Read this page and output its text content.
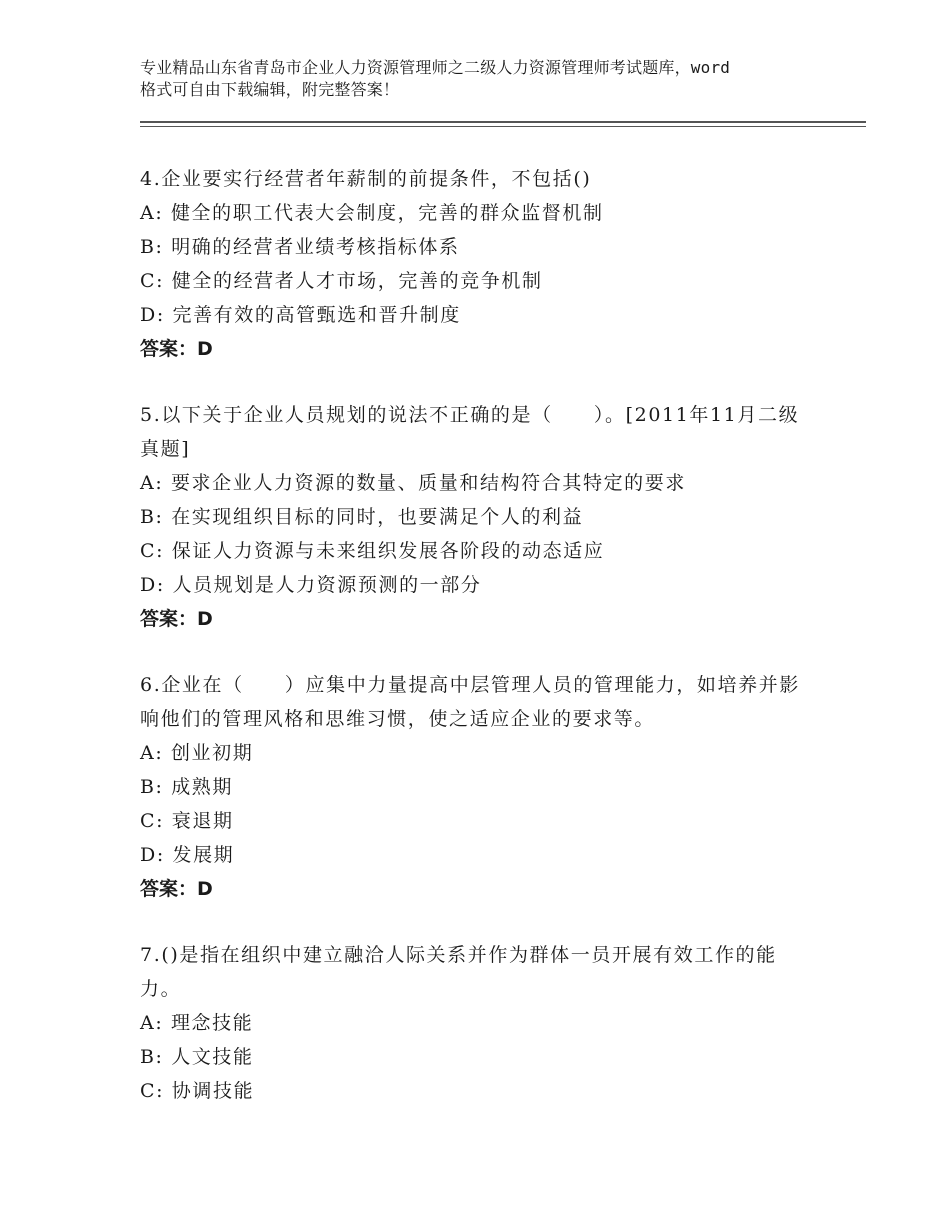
专业精品山东省青岛市企业人力资源管理师之二级人力资源管理师考试题库，word
格式可自由下载编辑，附完整答案！

4.企业要实行经营者年薪制的前提条件，不包括()

A: 健全的职工代表大会制度，完善的群众监督机制

B: 明确的经营者业绩考核指标体系

C: 健全的经营者人才市场，完善的竞争机制

D: 完善有效的高管甄选和晋升制度

答案：D

5.以下关于企业人员规划的说法不正确的是（　　）。[2011年11月二级真题]

A: 要求企业人力资源的数量、质量和结构符合其特定的要求

B: 在实现组织目标的同时，也要满足个人的利益

C: 保证人力资源与未来组织发展各阶段的动态适应

D: 人员规划是人力资源预测的一部分

答案：D

6.企业在（　　）应集中力量提高中层管理人员的管理能力，如培养并影响他们的管理风格和思维习惯，使之适应企业的要求等。

A: 创业初期

B: 成熟期

C: 衰退期

D: 发展期

答案：D

7.()是指在组织中建立融洽人际关系并作为群体一员开展有效工作的能力。

A: 理念技能

B: 人文技能

C: 协调技能
